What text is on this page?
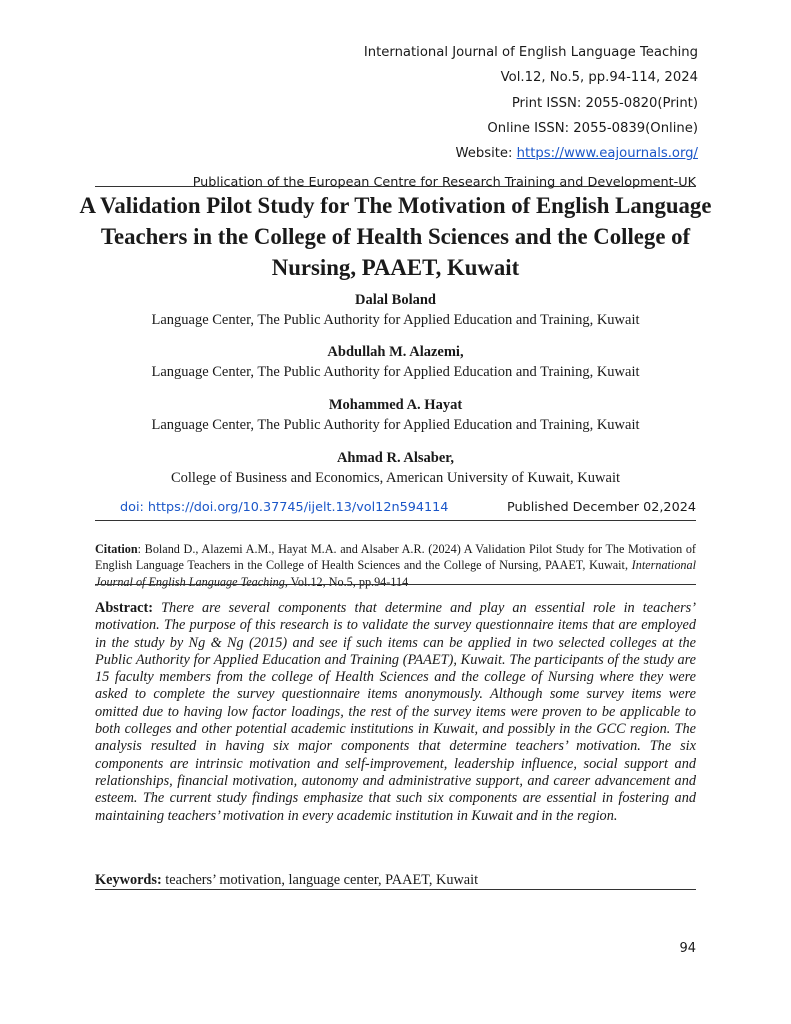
International Journal of English Language Teaching
Vol.12, No.5, pp.94-114, 2024
Print ISSN: 2055-0820(Print)
Online ISSN: 2055-0839(Online)
Website: https://www.eajournals.org/
Publication of the European Centre for Research Training and Development-UK
A Validation Pilot Study for The Motivation of English Language Teachers in the College of Health Sciences and the College of Nursing, PAAET, Kuwait
Dalal Boland
Language Center, The Public Authority for Applied Education and Training, Kuwait
Abdullah M. Alazemi,
Language Center, The Public Authority for Applied Education and Training, Kuwait
Mohammed A. Hayat
Language Center, The Public Authority for Applied Education and Training, Kuwait
Ahmad R. Alsaber,
College of Business and Economics, American University of Kuwait, Kuwait
doi: https://doi.org/10.37745/ijelt.13/vol12n594114	Published December 02,2024

Citation: Boland D., Alazemi A.M., Hayat M.A. and Alsaber A.R. (2024) A Validation Pilot Study for The Motivation of English Language Teachers in the College of Health Sciences and the College of Nursing, PAAET, Kuwait, International Journal of English Language Teaching, Vol.12, No.5, pp.94-114

Abstract: There are several components that determine and play an essential role in teachers’ motivation. The purpose of this research is to validate the survey questionnaire items that are employed in the study by Ng & Ng (2015) and see if such items can be applied in two selected colleges at the Public Authority for Applied Education and Training (PAAET), Kuwait. The participants of the study are 15 faculty members from the college of Health Sciences and the college of Nursing where they were asked to complete the survey questionnaire items anonymously. Although some survey items were omitted due to having low factor loadings, the rest of the survey items were proven to be applicable to both colleges and other potential academic institutions in Kuwait, and possibly in the GCC region. The analysis resulted in having six major components that determine teachers’ motivation. The six components are intrinsic motivation and self-improvement, leadership influence, social support and relationships, financial motivation, autonomy and administrative support, and career advancement and esteem. The current study findings emphasize that such six components are essential in fostering and maintaining teachers’ motivation in every academic institution in Kuwait and in the region.

Keywords: teachers’ motivation, language center, PAAET, Kuwait

94
